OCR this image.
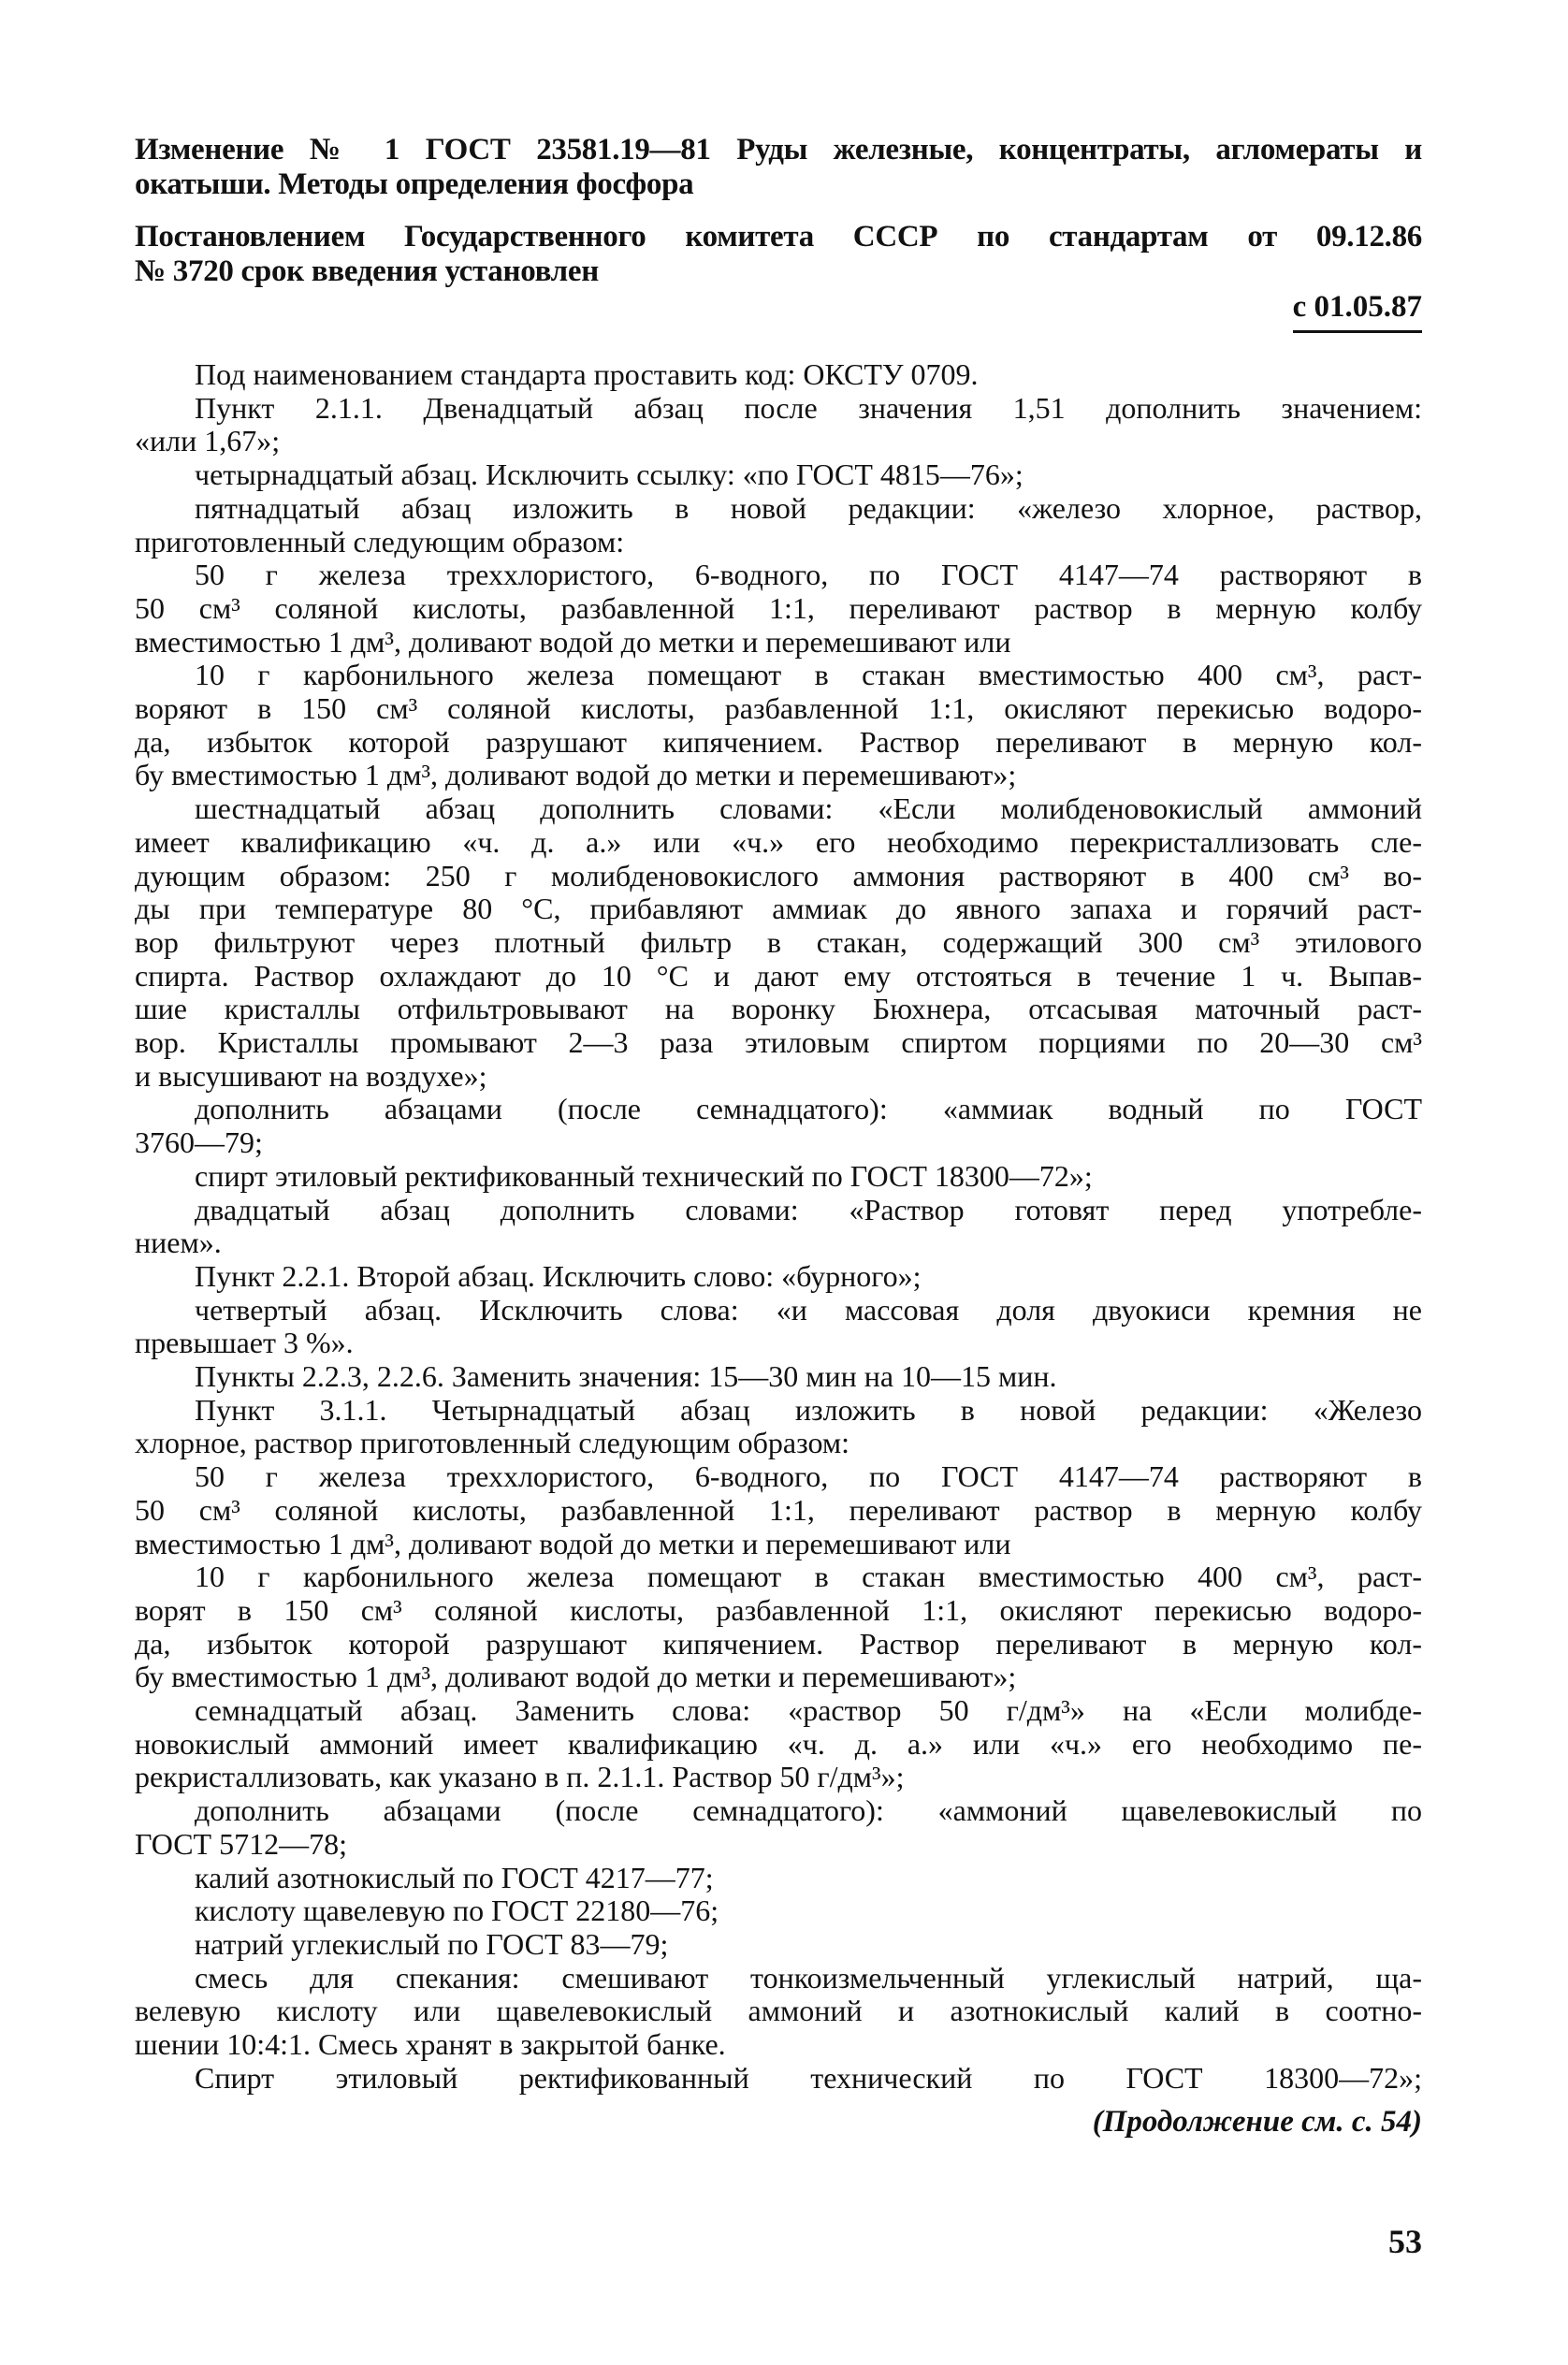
Изменение № 1 ГОСТ 23581.19—81 Руды железные, концентраты, агломераты и
окатыши. Методы определения фосфора
Постановлением Государственного комитета СССР по стандартам от 09.12.86
№ 3720 срок введения установлен
с 01.05.87
Под наименованием стандарта проставить код: ОКСТУ 0709.
Пункт 2.1.1. Двенадцатый абзац после значения 1,51 дополнить значением:
«или 1,67»;
четырнадцатый абзац. Исключить ссылку: «по ГОСТ 4815—76»;
пятнадцатый абзац изложить в новой редакции: «железо хлорное, раствор,
приготовленный следующим образом:
50 г железа треххлористого, 6-водного, по ГОСТ 4147—74 растворяют в
50 см³ соляной кислоты, разбавленной 1:1, переливают раствор в мерную колбу
вместимостью 1 дм³, доливают водой до метки и перемешивают или
10 г карбонильного железа помещают в стакан вместимостью 400 см³, раст-
воряют в 150 см³ соляной кислоты, разбавленной 1:1, окисляют перекисью водоро-
да, избыток которой разрушают кипячением. Раствор переливают в мерную кол-
бу вместимостью 1 дм³, доливают водой до метки и перемешивают»;
шестнадцатый абзац дополнить словами: «Если молибденовокислый аммоний
имеет квалификацию «ч. д. а.» или «ч.» его необходимо перекристаллизовать сле-
дующим образом: 250 г молибденовокислого аммония растворяют в 400 см³ во-
ды при температуре 80 °С, прибавляют аммиак до явного запаха и горячий раст-
вор фильтруют через плотный фильтр в стакан, содержащий 300 см³ этилового
спирта. Раствор охлаждают до 10 °С и дают ему отстояться в течение 1 ч. Выпав-
шие кристаллы отфильтровывают на воронку Бюхнера, отсасывая маточный раст-
вор. Кристаллы промывают 2—3 раза этиловым спиртом порциями по 20—30 см³
и высушивают на воздухе»;
дополнить абзацами (после семнадцатого): «аммиак водный по ГОСТ
3760—79;
спирт этиловый ректификованный технический по ГОСТ 18300—72»;
двадцатый абзац дополнить словами: «Раствор готовят перед употребле-
нием».
Пункт 2.2.1. Второй абзац. Исключить слово: «бурного»;
четвертый абзац. Исключить слова: «и массовая доля двуокиси кремния не
превышает 3 %».
Пункты 2.2.3, 2.2.6. Заменить значения: 15—30 мин на 10—15 мин.
Пункт 3.1.1. Четырнадцатый абзац изложить в новой редакции: «Железо
хлорное, раствор приготовленный следующим образом:
50 г железа треххлористого, 6-водного, по ГОСТ 4147—74 растворяют в
50 см³ соляной кислоты, разбавленной 1:1, переливают раствор в мерную колбу
вместимостью 1 дм³, доливают водой до метки и перемешивают или
10 г карбонильного железа помещают в стакан вместимостью 400 см³, раст-
ворят в 150 см³ соляной кислоты, разбавленной 1:1, окисляют перекисью водоро-
да, избыток которой разрушают кипячением. Раствор переливают в мерную кол-
бу вместимостью 1 дм³, доливают водой до метки и перемешивают»;
семнадцатый абзац. Заменить слова: «раствор 50 г/дм³» на «Если молибде-
новокислый аммоний имеет квалификацию «ч. д. а.» или «ч.» его необходимо пе-
рекристаллизовать, как указано в п. 2.1.1. Раствор 50 г/дм³»;
дополнить абзацами (после семнадцатого): «аммоний щавелевокислый по
ГОСТ 5712—78;
калий азотнокислый по ГОСТ 4217—77;
кислоту щавелевую по ГОСТ 22180—76;
натрий углекислый по ГОСТ 83—79;
смесь для спекания: смешивают тонкоизмельченный углекислый натрий, ща-
велевую кислоту или щавелевокислый аммоний и азотнокислый калий в соотно-
шении 10:4:1. Смесь хранят в закрытой банке.
Спирт этиловый ректификованный технический по ГОСТ 18300—72»;
(Продолжение см. с. 54)
53
